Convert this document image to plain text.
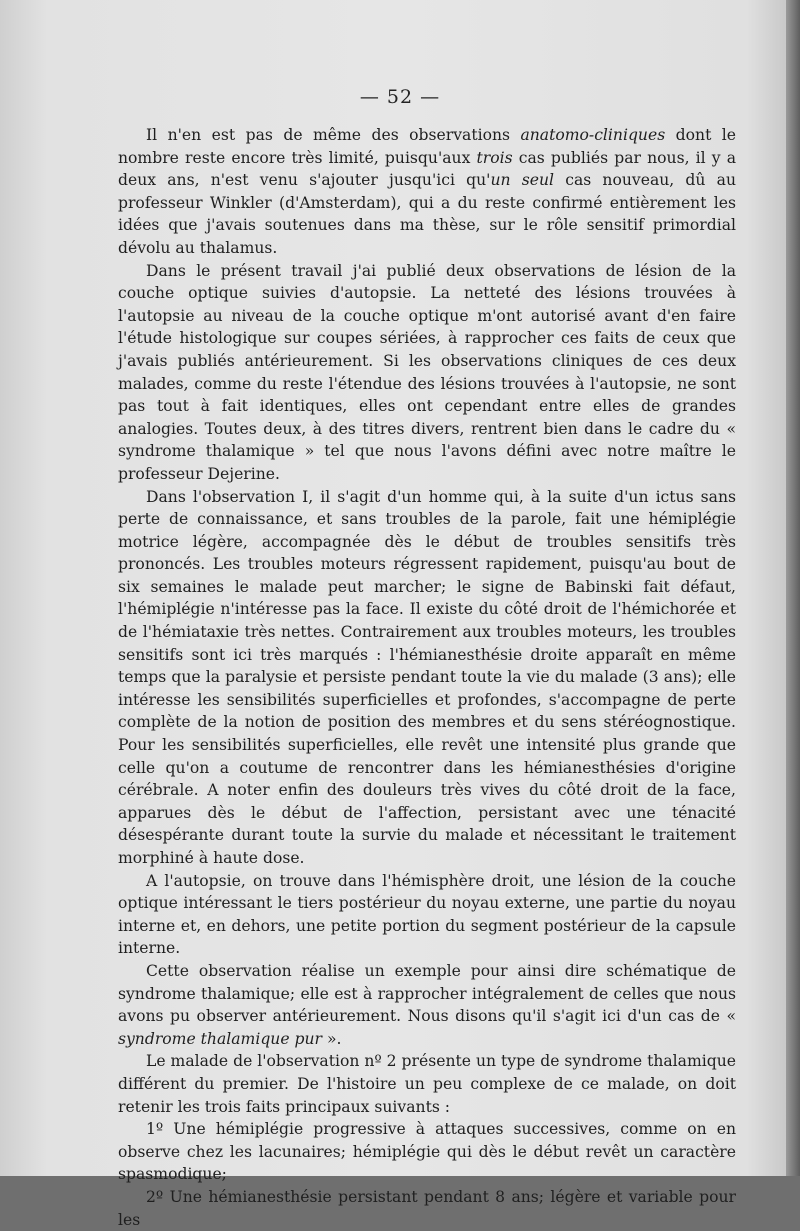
— 52 —

Il n'en est pas de même des observations anatomo-cliniques dont le nombre reste encore très limité, puisqu'aux trois cas publiés par nous, il y a deux ans, n'est venu s'ajouter jusqu'ici qu'un seul cas nouveau, dû au professeur Winkler (d'Amsterdam), qui a du reste confirmé entièrement les idées que j'avais soutenues dans ma thèse, sur le rôle sensitif primordial dévolu au thalamus.

Dans le présent travail j'ai publié deux observations de lésion de la couche optique suivies d'autopsie. La netteté des lésions trouvées à l'autopsie au niveau de la couche optique m'ont autorisé avant d'en faire l'étude histologique sur coupes sériées, à rapprocher ces faits de ceux que j'avais publiés antérieurement. Si les observations cliniques de ces deux malades, comme du reste l'étendue des lésions trouvées à l'autopsie, ne sont pas tout à fait identiques, elles ont cependant entre elles de grandes analogies. Toutes deux, à des titres divers, rentrent bien dans le cadre du « syndrome thalamique » tel que nous l'avons défini avec notre maître le professeur Dejerine.

Dans l'observation I, il s'agit d'un homme qui, à la suite d'un ictus sans perte de connaissance, et sans troubles de la parole, fait une hémiplégie motrice légère, accompagnée dès le début de troubles sensitifs très prononcés. Les troubles moteurs régressent rapidement, puisqu'au bout de six semaines le malade peut marcher; le signe de Babinski fait défaut, l'hémiplégie n'intéresse pas la face. Il existe du côté droit de l'hémichorée et de l'hémiataxie très nettes. Contrairement aux troubles moteurs, les troubles sensitifs sont ici très marqués : l'hémianesthésie droite apparaît en même temps que la paralysie et persiste pendant toute la vie du malade (3 ans); elle intéresse les sensibilités superficielles et profondes, s'accompagne de perte complète de la notion de position des membres et du sens stéréognostique. Pour les sensibilités superficielles, elle revêt une intensité plus grande que celle qu'on a coutume de rencontrer dans les hémianesthésies d'origine cérébrale. A noter enfin des douleurs très vives du côté droit de la face, apparues dès le début de l'affection, persistant avec une ténacité désespérante durant toute la survie du malade et nécessitant le traitement morphiné à haute dose.

A l'autopsie, on trouve dans l'hémisphère droit, une lésion de la couche optique intéressant le tiers postérieur du noyau externe, une partie du noyau interne et, en dehors, une petite portion du segment postérieur de la capsule interne.

Cette observation réalise un exemple pour ainsi dire schématique de syndrome thalamique; elle est à rapprocher intégralement de celles que nous avons pu observer antérieurement. Nous disons qu'il s'agit ici d'un cas de « syndrome thalamique pur ».

Le malade de l'observation nº 2 présente un type de syndrome thalamique différent du premier. De l'histoire un peu complexe de ce malade, on doit retenir les trois faits principaux suivants :

1º Une hémiplégie progressive à attaques successives, comme on en observe chez les lacunaires; hémiplégie qui dès le début revêt un caractère spasmodique;

2º Une hémianesthésie persistant pendant 8 ans; légère et variable pour les
